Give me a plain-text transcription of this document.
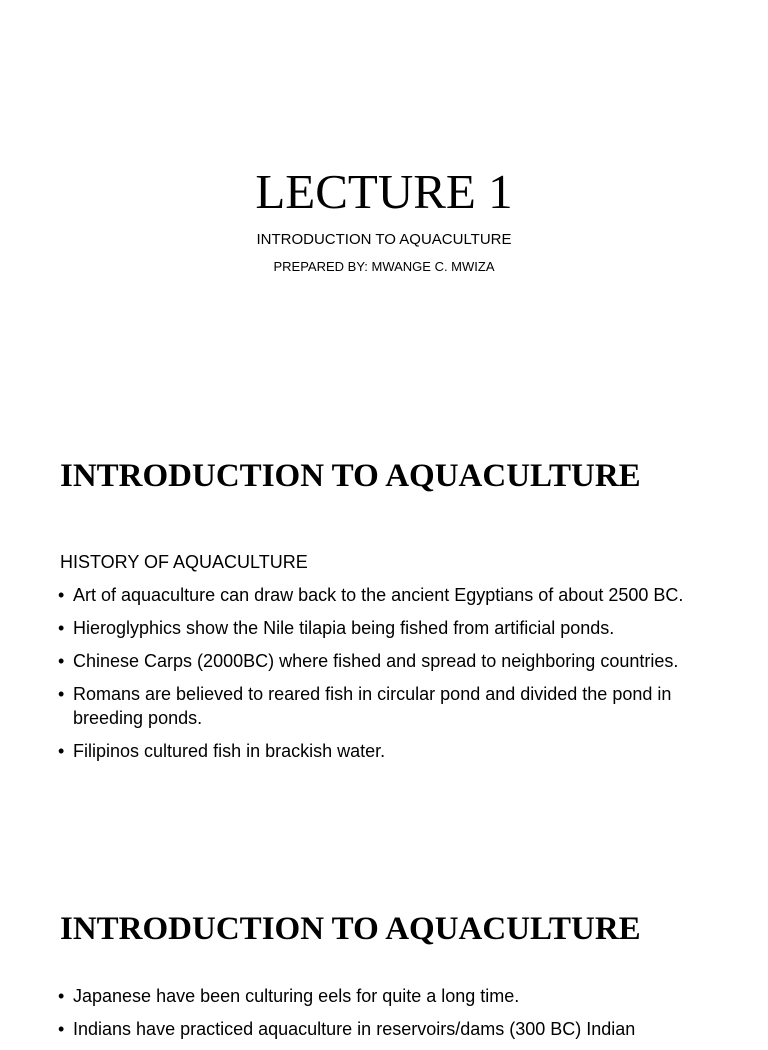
LECTURE 1
INTRODUCTION TO AQUACULTURE
PREPARED BY: MWANGE C. MWIZA
INTRODUCTION TO AQUACULTURE
HISTORY OF AQUACULTURE
• Art of aquaculture can draw back to the ancient Egyptians of about 2500 BC.
• Hieroglyphics show the Nile tilapia being fished from artificial ponds.
• Chinese Carps (2000BC) where fished and spread to neighboring countries.
• Romans are believed to reared fish in circular pond and divided the pond in breeding ponds.
• Filipinos cultured fish in brackish water.
INTRODUCTION TO AQUACULTURE
• Japanese have been culturing eels for quite a long time.
• Indians have practiced aquaculture in reservoirs/dams (300 BC) Indian
